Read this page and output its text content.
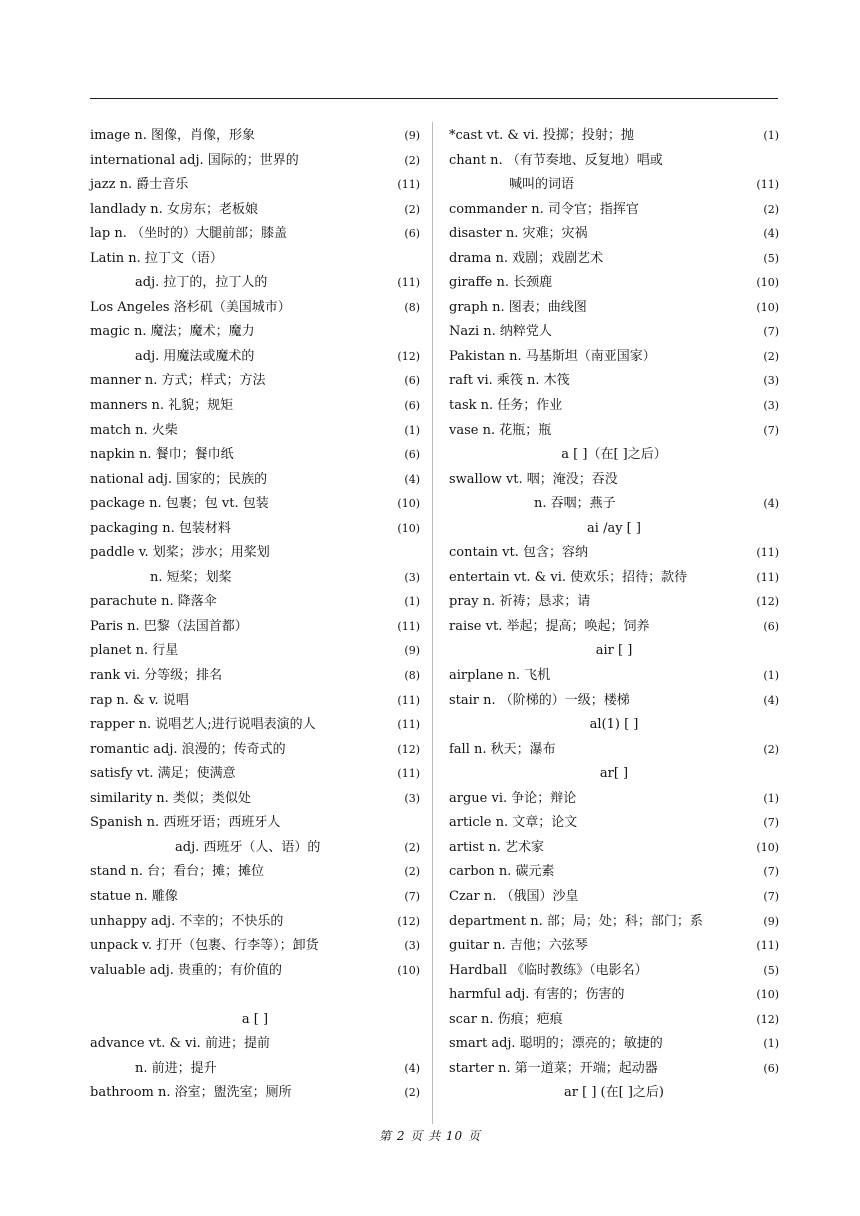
image n. 图像，肖像，形象	(9)
international adj. 国际的；世界的	(2)
jazz n. 爵士音乐	(11)
landlady n. 女房东；老板娘	(2)
lap n. （坐时的）大腿前部；膝盖	(6)
Latin n. 拉丁文（语）
adj. 拉丁的，拉丁人的	(11)
Los Angeles 洛杉矶（美国城市）	(8)
magic n. 魔法；魔术；魔力
adj. 用魔法或魔术的	(12)
manner n. 方式；样式；方法	(6)
manners n. 礼貌；规矩	(6)
match n. 火柴	(1)
napkin n. 餐巾；餐巾纸	(6)
national adj. 国家的；民族的	(4)
package n. 包裹；包 vt. 包装	(10)
packaging n. 包装材料	(10)
paddle v. 划桨；涉水；用桨划
n. 短桨；划桨	(3)
parachute n. 降落伞	(1)
Paris n. 巴黎（法国首都）	(11)
planet n. 行星	(9)
rank vi. 分等级；排名	(8)
rap n. & v. 说唱	(11)
rapper n. 说唱艺人;进行说唱表演的人	(11)
romantic adj. 浪漫的；传奇式的	(12)
satisfy vt. 满足；使满意	(11)
similarity n. 类似；类似处	(3)
Spanish n. 西班牙语；西班牙人
adj. 西班牙（人、语）的	(2)
stand n. 台；看台；摊；摊位	(2)
statue n. 雕像	(7)
unhappy adj. 不幸的；不快乐的	(12)
unpack v. 打开（包裹、行李等）；卸货	(3)
valuable adj. 贵重的；有价值的	(10)
a [ ]
advance vt. & vi. 前进；提前
n. 前进；提升	(4)
bathroom n. 浴室；盥洗室；厕所	(2)
*cast vt. & vi. 投掷；投射；抛	(1)
chant n. （有节奏地、反复地）唱或
喊叫的词语	(11)
commander n. 司令官；指挥官	(2)
disaster n. 灾难；灾祸	(4)
drama n. 戏剧；戏剧艺术	(5)
giraffe n. 长颈鹿	(10)
graph n. 图表；曲线图	(10)
Nazi n. 纳粹党人	(7)
Pakistan n. 马基斯坦（南亚国家）	(2)
raft vi. 乘筏 n. 木筏	(3)
task n. 任务；作业	(3)
vase n. 花瓶；瓶	(7)
a [ ]（在[ ]之后）
swallow vt. 咽；淹没；吞没
n. 吞咽；燕子	(4)
ai /ay [ ]
contain vt. 包含；容纳	(11)
entertain vt. & vi. 使欢乐；招待；款待	(11)
pray n. 祈祷；恳求；请	(12)
raise vt. 举起；提高；唤起；饲养	(6)
air [ ]
airplane n. 飞机	(1)
stair n. （阶梯的）一级；楼梯	(4)
al(1) [ ]
fall n. 秋天；瀑布	(2)
ar[ ]
argue vi. 争论；辩论	(1)
article n. 文章；论文	(7)
artist n. 艺术家	(10)
carbon n. 碳元素	(7)
Czar n. （俄国）沙皇	(7)
department n. 部；局；处；科；部门；系	(9)
guitar n. 吉他；六弦琴	(11)
Hardball 《临时教练》（电影名）	(5)
harmful adj. 有害的；伤害的	(10)
scar n. 伤痕；疤痕	(12)
smart adj. 聪明的；漂亮的；敏捷的	(1)
starter n. 第一道菜；开端；起动器	(6)
ar [ ] (在[ ]之后)
第 2 页 共 10 页
